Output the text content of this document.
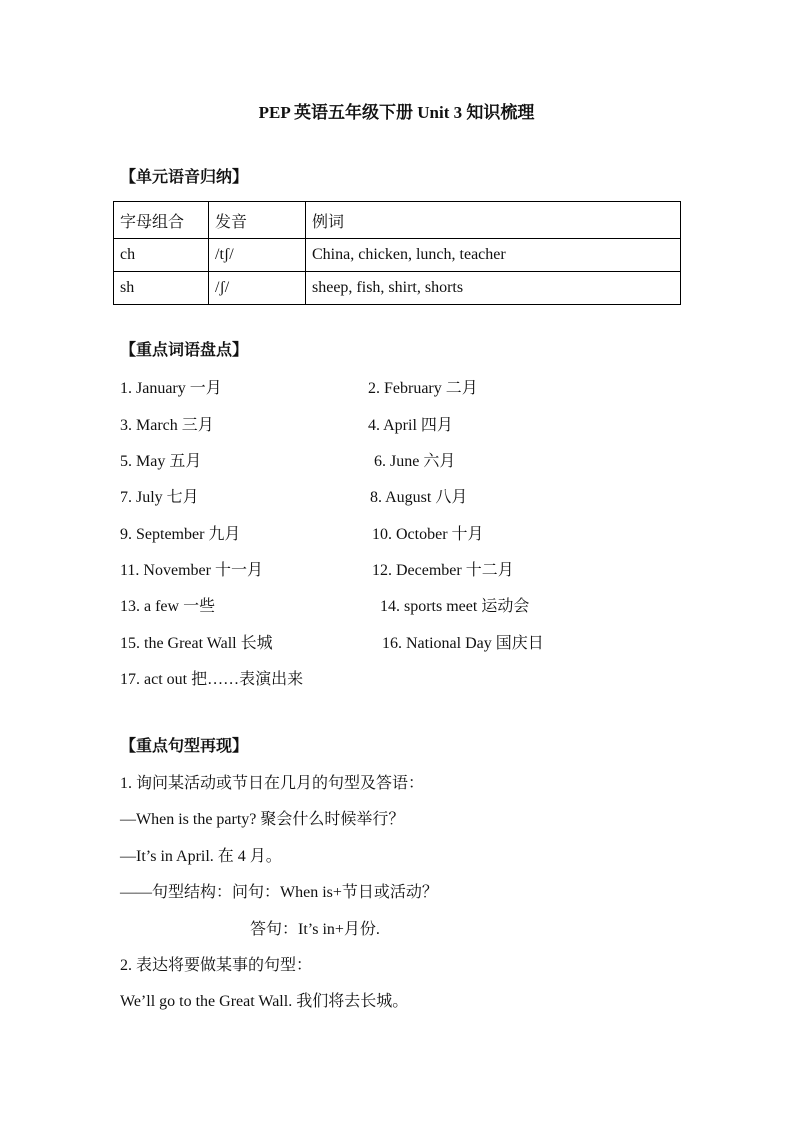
PEP 英语五年级下册 Unit 3 知识梳理
【单元语音归纳】
字母组合	发音	例词
ch	/tʃ/	China, chicken, lunch, teacher
sh	/ʃ/	sheep, fish, shirt, shorts
【重点词语盘点】
1. January 一月	2. February 二月
3. March 三月	4. April 四月
5. May 五月	6. June 六月
7. July 七月	8. August 八月
9. September 九月	10. October 十月
11. November 十一月	12. December 十二月
13. a few 一些	14. sports meet 运动会
15. the Great Wall 长城	16. National Day 国庆日
17. act out 把……表演出来
【重点句型再现】
1. 询问某活动或节日在几月的句型及答语：
—When is the party? 聚会什么时候举行？
—It’s in April. 在 4 月。
——句型结构：问句：When is+节日或活动？
答句：It’s in+月份.
2. 表达将要做某事的句型：
We’ll go to the Great Wall. 我们将去长城。
